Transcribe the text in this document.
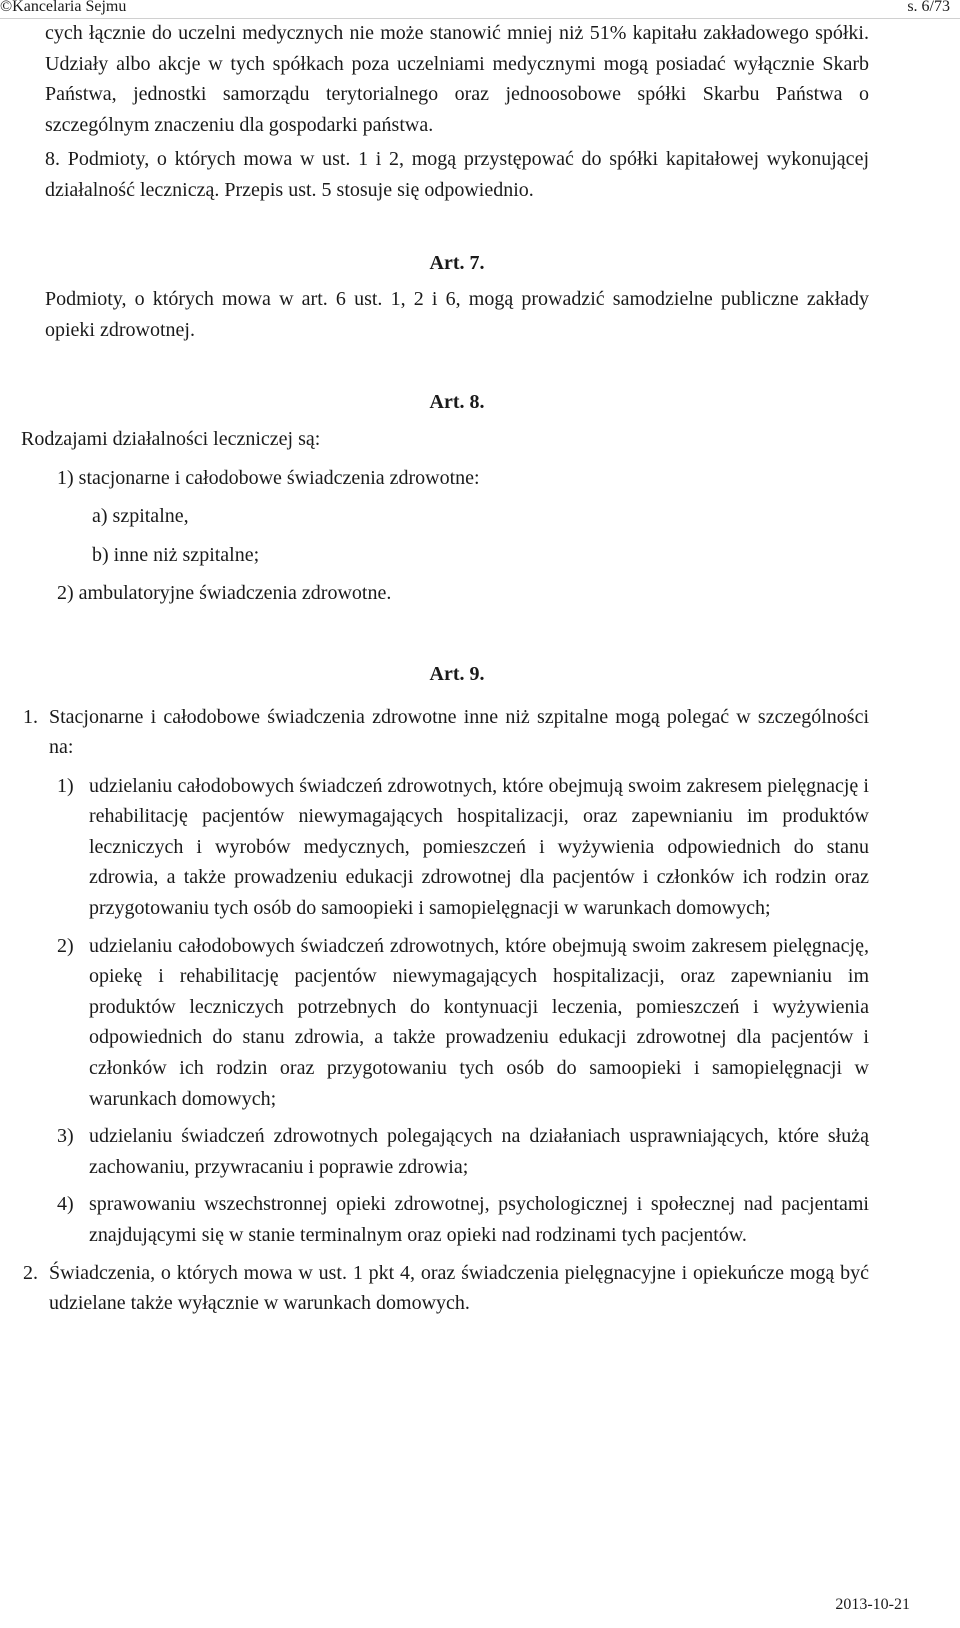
©Kancelaria Sejmu	s. 6/73

cych łącznie do uczelni medycznych nie może stanowić mniej niż 51% kapitału zakładowego spółki. Udziały albo akcje w tych spółkach poza uczelniami medycznymi mogą posiadać wyłącznie Skarb Państwa, jednostki samorządu terytorialnego oraz jednoosobowe spółki Skarbu Państwa o szczególnym znaczeniu dla gospodarki państwa.

8. Podmioty, o których mowa w ust. 1 i 2, mogą przystępować do spółki kapitałowej wykonującej działalność leczniczą. Przepis ust. 5 stosuje się odpowiednio.

Art. 7.

Podmioty, o których mowa w art. 6 ust. 1, 2 i 6, mogą prowadzić samodzielne publiczne zakłady opieki zdrowotnej.

Art. 8.

Rodzajami działalności leczniczej są:

1) stacjonarne i całodobowe świadczenia zdrowotne:

a) szpitalne,

b) inne niż szpitalne;

2) ambulatoryjne świadczenia zdrowotne.

Art. 9.

1. Stacjonarne i całodobowe świadczenia zdrowotne inne niż szpitalne mogą polegać w szczególności na:
1) udzielaniu całodobowych świadczeń zdrowotnych, które obejmują swoim zakresem pielęgnację i rehabilitację pacjentów niewymagających hospitalizacji, oraz zapewnianiu im produktów leczniczych i wyrobów medycznych, pomieszczeń i wyżywienia odpowiednich do stanu zdrowia, a także prowadzeniu edukacji zdrowotnej dla pacjentów i członków ich rodzin oraz przygotowaniu tych osób do samoopieki i samopielęgnacji w warunkach domowych;
2) udzielaniu całodobowych świadczeń zdrowotnych, które obejmują swoim zakresem pielęgnację, opiekę i rehabilitację pacjentów niewymagających hospitalizacji, oraz zapewnianiu im produktów leczniczych potrzebnych do kontynuacji leczenia, pomieszczeń i wyżywienia odpowiednich do stanu zdrowia, a także prowadzeniu edukacji zdrowotnej dla pacjentów i członków ich rodzin oraz przygotowaniu tych osób do samoopieki i samopielęgnacji w warunkach domowych;
3) udzielaniu świadczeń zdrowotnych polegających na działaniach usprawniających, które służą zachowaniu, przywracaniu i poprawie zdrowia;
4) sprawowaniu wszechstronnej opieki zdrowotnej, psychologicznej i społecznej nad pacjentami znajdującymi się w stanie terminalnym oraz opieki nad rodzinami tych pacjentów.
2. Świadczenia, o których mowa w ust. 1 pkt 4, oraz świadczenia pielęgnacyjne i opiekuńcze mogą być udzielane także wyłącznie w warunkach domowych.
2013-10-21
